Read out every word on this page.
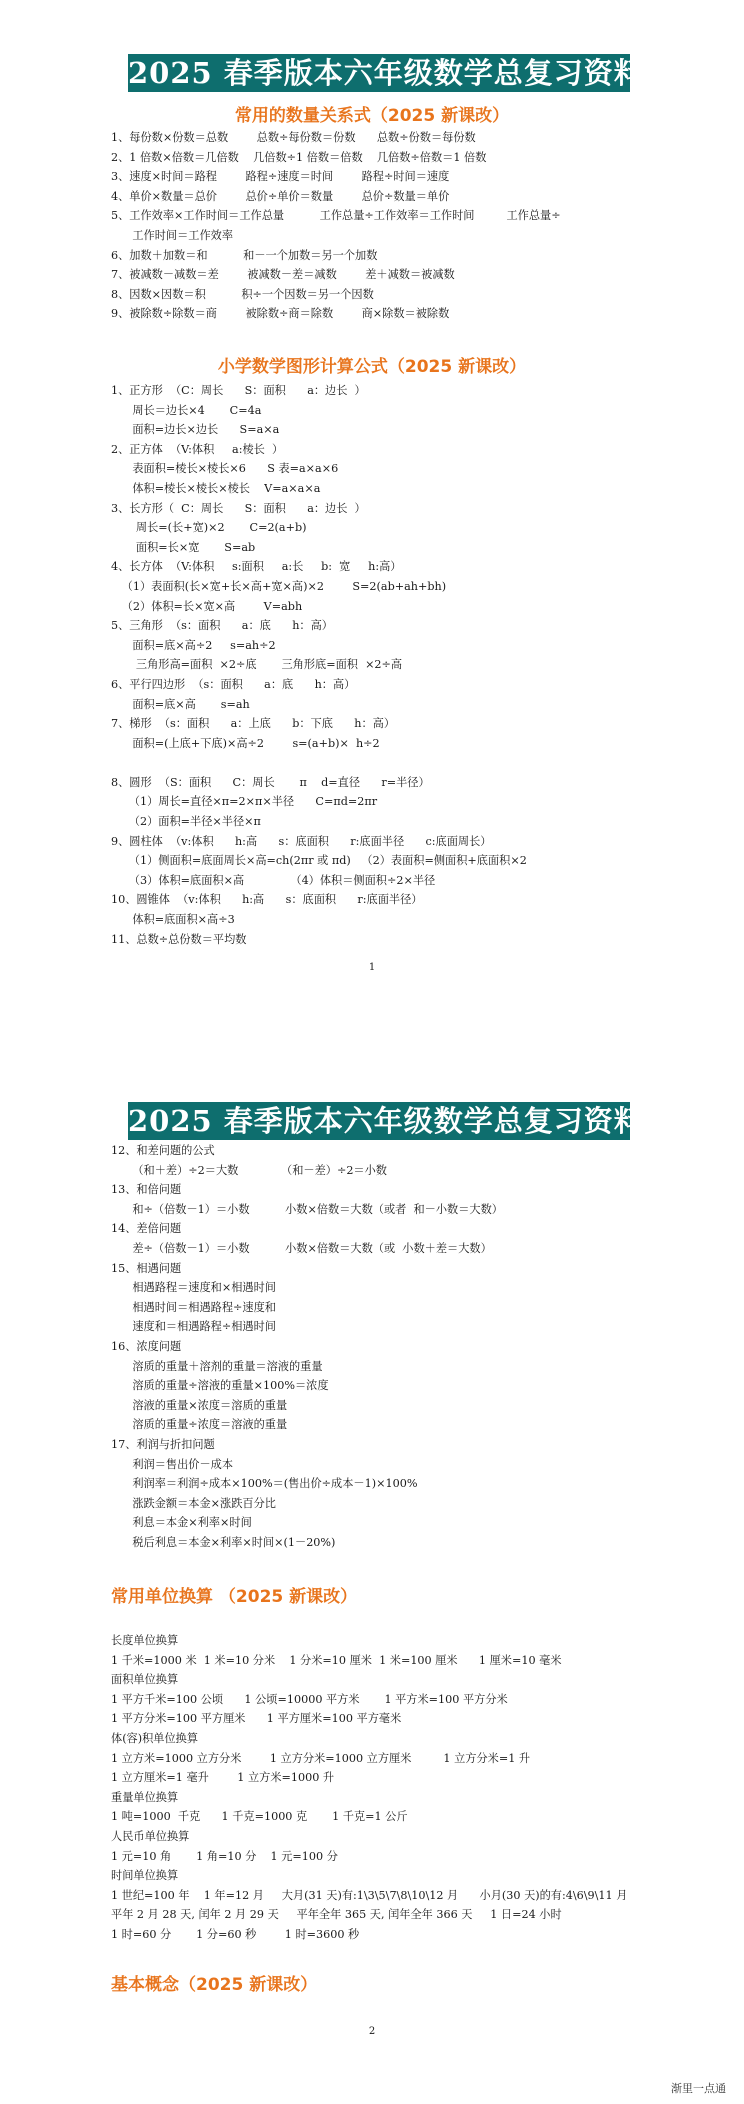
2025 春季版本六年级数学总复习资料归纳
常用的数量关系式（2025 新课改）
1、每份数×份数＝总数        总数÷每份数＝份数      总数÷份数＝每份数
2、1 倍数×倍数＝几倍数    几倍数÷1 倍数＝倍数    几倍数÷倍数＝1 倍数
3、速度×时间＝路程        路程÷速度＝时间        路程÷时间＝速度
4、单价×数量＝总价        总价÷单价＝数量        总价÷数量＝单价
5、工作效率×工作时间＝工作总量          工作总量÷工作效率＝工作时间         工作总量÷
工作时间＝工作效率
6、加数＋加数＝和          和－一个加数＝另一个加数
7、被减数－减数＝差        被减数－差＝减数        差＋减数＝被减数
8、因数×因数＝积          积÷一个因数＝另一个因数
9、被除数÷除数＝商        被除数÷商＝除数        商×除数＝被除数
小学数学图形计算公式（2025 新课改）
1、正方形  （C：周长      S：面积      a：边长  ）
周长＝边长×4       C=4a
面积=边长×边长      S=a×a
2、正方体  （V:体积     a:棱长  ）
表面积=棱长×棱长×6      S 表=a×a×6
体积=棱长×棱长×棱长    V=a×a×a
3、长方形（  C：周长      S：面积      a：边长  ）
周长=(长+宽)×2       C=2(a+b)
面积=长×宽       S=ab
4、长方体  （V:体积     s:面积     a:长     b:  宽     h:高）
（1）表面积(长×宽+长×高+宽×高)×2        S=2(ab+ah+bh)
（2）体积=长×宽×高        V=abh
5、三角形  （s：面积      a：底      h：高）
面积=底×高÷2     s=ah÷2
三角形高=面积  ×2÷底       三角形底=面积  ×2÷高
6、平行四边形  （s：面积      a：底      h：高）
面积=底×高       s=ah
7、梯形  （s：面积      a：上底      b：下底      h：高）
面积=(上底+下底)×高÷2        s=(a+b)×  h÷2
8、圆形  （S：面积      C：周长       π    d=直径      r=半径）
（1）周长=直径×π=2×π×半径      C=πd=2πr
（2）面积=半径×半径×π
9、圆柱体  （v:体积      h:高      s：底面积      r:底面半径      c:底面周长）
（1）侧面积=底面周长×高=ch(2πr 或 πd)   （2）表面积=侧面积+底面积×2
（3）体积=底面积×高             （4）体积＝侧面积÷2×半径
10、圆锥体  （v:体积      h:高      s：底面积      r:底面半径）
体积=底面积×高÷3
11、总数÷总份数＝平均数
1
2025 春季版本六年级数学总复习资料归纳
12、和差问题的公式
（和＋差）÷2＝大数            （和－差）÷2＝小数
13、和倍问题
和÷（倍数－1）＝小数          小数×倍数＝大数（或者  和－小数＝大数）
14、差倍问题
差÷（倍数－1）＝小数          小数×倍数＝大数（或  小数＋差＝大数）
15、相遇问题
相遇路程＝速度和×相遇时间
相遇时间＝相遇路程÷速度和
速度和＝相遇路程÷相遇时间
16、浓度问题
溶质的重量＋溶剂的重量＝溶液的重量
溶质的重量÷溶液的重量×100%＝浓度
溶液的重量×浓度＝溶质的重量
溶质的重量÷浓度＝溶液的重量
17、利润与折扣问题
利润＝售出价－成本
利润率＝利润÷成本×100%＝(售出价÷成本－1)×100%
涨跌金额＝本金×涨跌百分比
利息＝本金×利率×时间
税后利息＝本金×利率×时间×(1－20%)
常用单位换算 （2025 新课改）
长度单位换算
1 千米=1000 米  1 米=10 分米    1 分米=10 厘米  1 米=100 厘米      1 厘米=10 毫米
面积单位换算
1 平方千米=100 公顷      1 公顷=10000 平方米       1 平方米=100 平方分米
1 平方分米=100 平方厘米      1 平方厘米=100 平方毫米
体(容)积单位换算
1 立方米=1000 立方分米        1 立方分米=1000 立方厘米         1 立方分米=1 升
1 立方厘米=1 毫升        1 立方米=1000 升
重量单位换算
1 吨=1000  千克      1 千克=1000 克       1 千克=1 公斤
人民币单位换算
1 元=10 角       1 角=10 分    1 元=100 分
时间单位换算
1 世纪=100 年    1 年=12 月     大月(31 天)有:1\3\5\7\8\10\12 月      小月(30 天)的有:4\6\9\11 月
平年 2 月 28 天, 闰年 2 月 29 天     平年全年 365 天, 闰年全年 366 天     1 日=24 小时
1 时=60 分       1 分=60 秒        1 时=3600 秒
基本概念（2025 新课改）
2
渐里一点通
